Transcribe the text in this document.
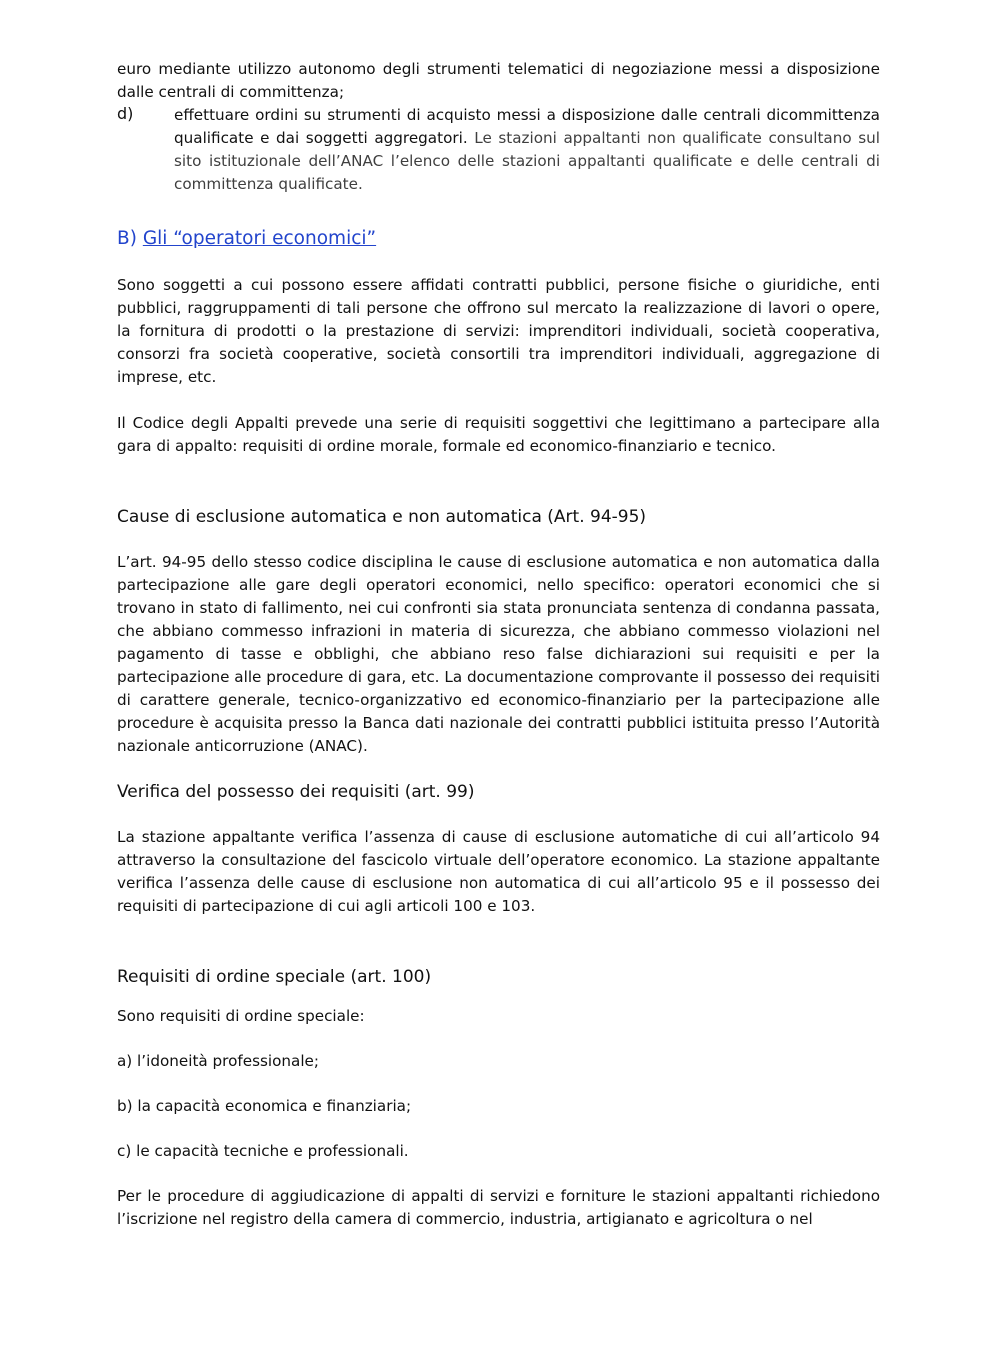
euro mediante utilizzo autonomo degli strumenti telematici di negoziazione messi a disposizione dalle centrali di committenza;

d)	effettuare ordini su strumenti di acquisto messi a disposizione dalle centrali dicommittenza qualificate e dai soggetti aggregatori. Le stazioni appaltanti non qualificate consultano sul sito istituzionale dell’ANAC l’elenco delle stazioni appaltanti qualificate e delle centrali di committenza qualificate.

B) Gli “operatori economici”

Sono soggetti a cui possono essere affidati contratti pubblici, persone fisiche o giuridiche, enti pubblici, raggruppamenti di tali persone che offrono sul mercato la realizzazione di lavori o opere, la fornitura di prodotti o la prestazione di servizi: imprenditori individuali, società cooperativa, consorzi fra società cooperative, società consortili tra imprenditori individuali, aggregazione di imprese, etc.

Il Codice degli Appalti prevede una serie di requisiti soggettivi che legittimano a partecipare alla gara di appalto: requisiti di ordine morale, formale ed economico-finanziario e tecnico.

Cause di esclusione automatica e non automatica (Art. 94-95)

L’art. 94-95 dello stesso codice disciplina le cause di esclusione automatica e non automatica dalla partecipazione alle gare degli operatori economici, nello specifico: operatori economici che si trovano in stato di fallimento, nei cui confronti sia stata pronunciata sentenza di condanna passata, che abbiano commesso infrazioni in materia di sicurezza, che abbiano commesso violazioni nel pagamento di tasse e obblighi, che abbiano reso false dichiarazioni sui requisiti e per la partecipazione alle procedure di gara, etc. La documentazione comprovante il possesso dei requisiti di carattere generale, tecnico-organizzativo ed economico-finanziario per la partecipazione alle procedure è acquisita presso la Banca dati nazionale dei contratti pubblici istituita presso l’Autorità nazionale anticorruzione (ANAC).

Verifica del possesso dei requisiti (art. 99)

La stazione appaltante verifica l’assenza di cause di esclusione automatiche di cui all’articolo 94 attraverso la consultazione del fascicolo virtuale dell’operatore economico. La stazione appaltante verifica l’assenza delle cause di esclusione non automatica di cui all’articolo 95 e il possesso dei requisiti di partecipazione di cui agli articoli 100 e 103.

Requisiti di ordine speciale (art. 100)

Sono requisiti di ordine speciale:

a) l’idoneità professionale;

b) la capacità economica e finanziaria;

c) le capacità tecniche e professionali.

Per le procedure di aggiudicazione di appalti di servizi e forniture le stazioni appaltanti richiedono l’iscrizione nel registro della camera di commercio, industria, artigianato e agricoltura o nel
